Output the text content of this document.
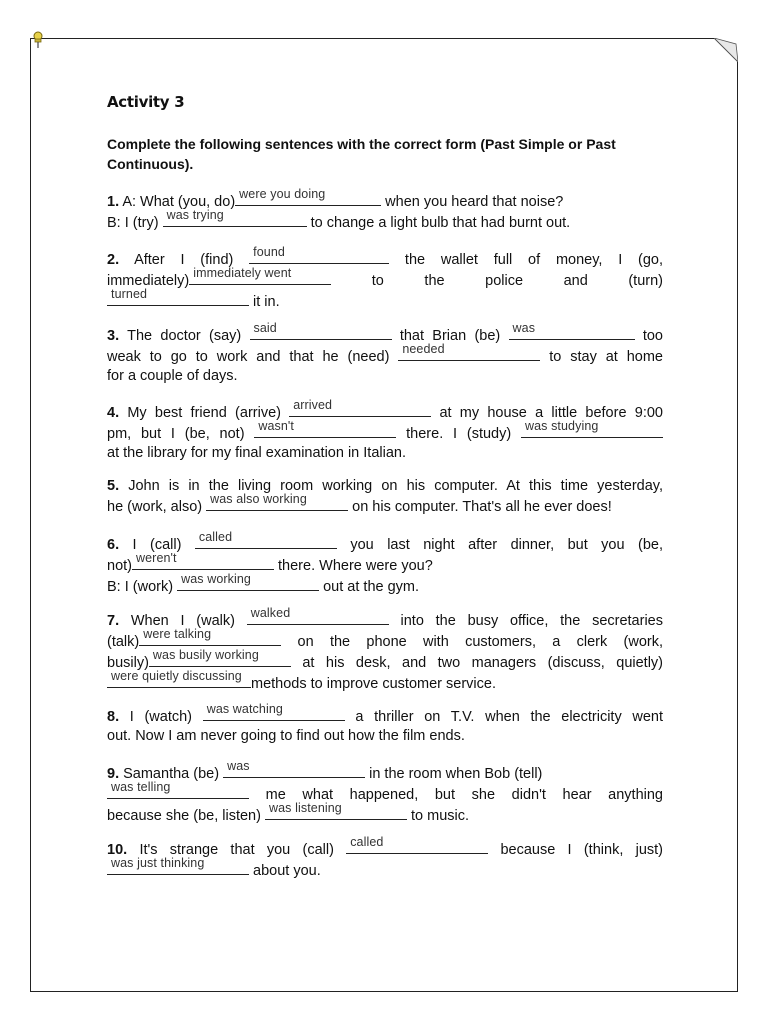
Activity 3
Complete the following sentences with the correct form (Past Simple or Past Continuous).
1. A: What (you, do) were you doing	when you heard that noise?
B: I (try) was trying	to change a light bulb that had burnt out.
2. After I (find) found	the wallet full of money, I (go,
immediately) immediately went	to the police and (turn)
turned	it in.
3. The doctor (say) said	that Brian (be) was	too
weak to go to work and that he (need) needed	to stay at home
for a couple of days.
4. My best friend (arrive) arrived	at my house a little before 9:00
pm, but I (be, not) wasn't	there. I (study) was studying
at the library for my final examination in Italian.
5. John is in the living room working on his computer. At this time yesterday,
he (work, also) was also working	on his computer. That's all he ever does!
6. I (call) called	you last night after dinner, but you (be,
not) weren't	there. Where were you?
B: I (work) was working	out at the gym.
7. When I (walk) walked	into the busy office, the secretaries
(talk) were talking	on the phone with customers, a clerk (work,
busily) was busily working at his desk, and two managers (discuss, quietly)
were quietly discussing methods to improve customer service.
8. I (watch) was watching	a thriller on T.V. when the electricity went
out. Now I am never going to find out how the film ends.
9. Samantha (be) was	in the room when Bob (tell)
was telling	me what happened, but she didn't hear anything
because she (be, listen) was listening	to music.
10. It's strange that you (call) called	because I (think, just)
was just thinking	about you.
